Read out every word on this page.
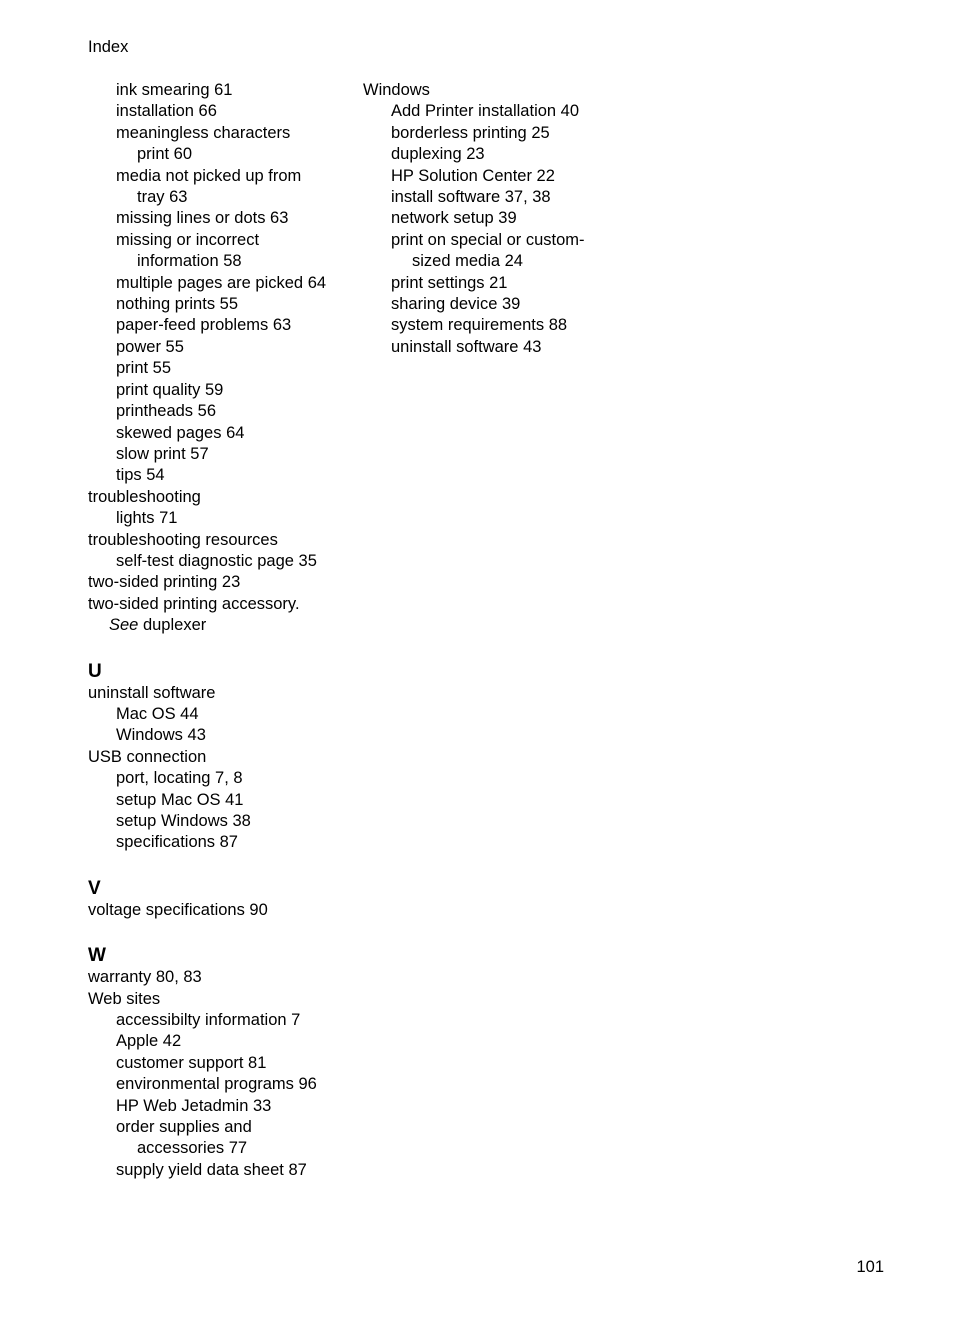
Index
ink smearing 61
installation 66
meaningless characters
print 60
media not picked up from
tray 63
missing lines or dots 63
missing or incorrect
information 58
multiple pages are picked 64
nothing prints 55
paper-feed problems 63
power 55
print 55
print quality 59
printheads 56
skewed pages 64
slow print 57
tips 54
troubleshooting
lights 71
troubleshooting resources
self-test diagnostic page 35
two-sided printing 23
two-sided printing accessory.
See duplexer
U
uninstall software
Mac OS 44
Windows 43
USB connection
port, locating 7, 8
setup Mac OS 41
setup Windows 38
specifications 87
V
voltage specifications 90
W
warranty 80, 83
Web sites
accessibilty information 7
Apple 42
customer support 81
environmental programs 96
HP Web Jetadmin 33
order supplies and
accessories 77
supply yield data sheet 87
Windows
Add Printer installation 40
borderless printing 25
duplexing 23
HP Solution Center 22
install software 37, 38
network setup 39
print on special or custom-
sized media 24
print settings 21
sharing device 39
system requirements 88
uninstall software 43
101
